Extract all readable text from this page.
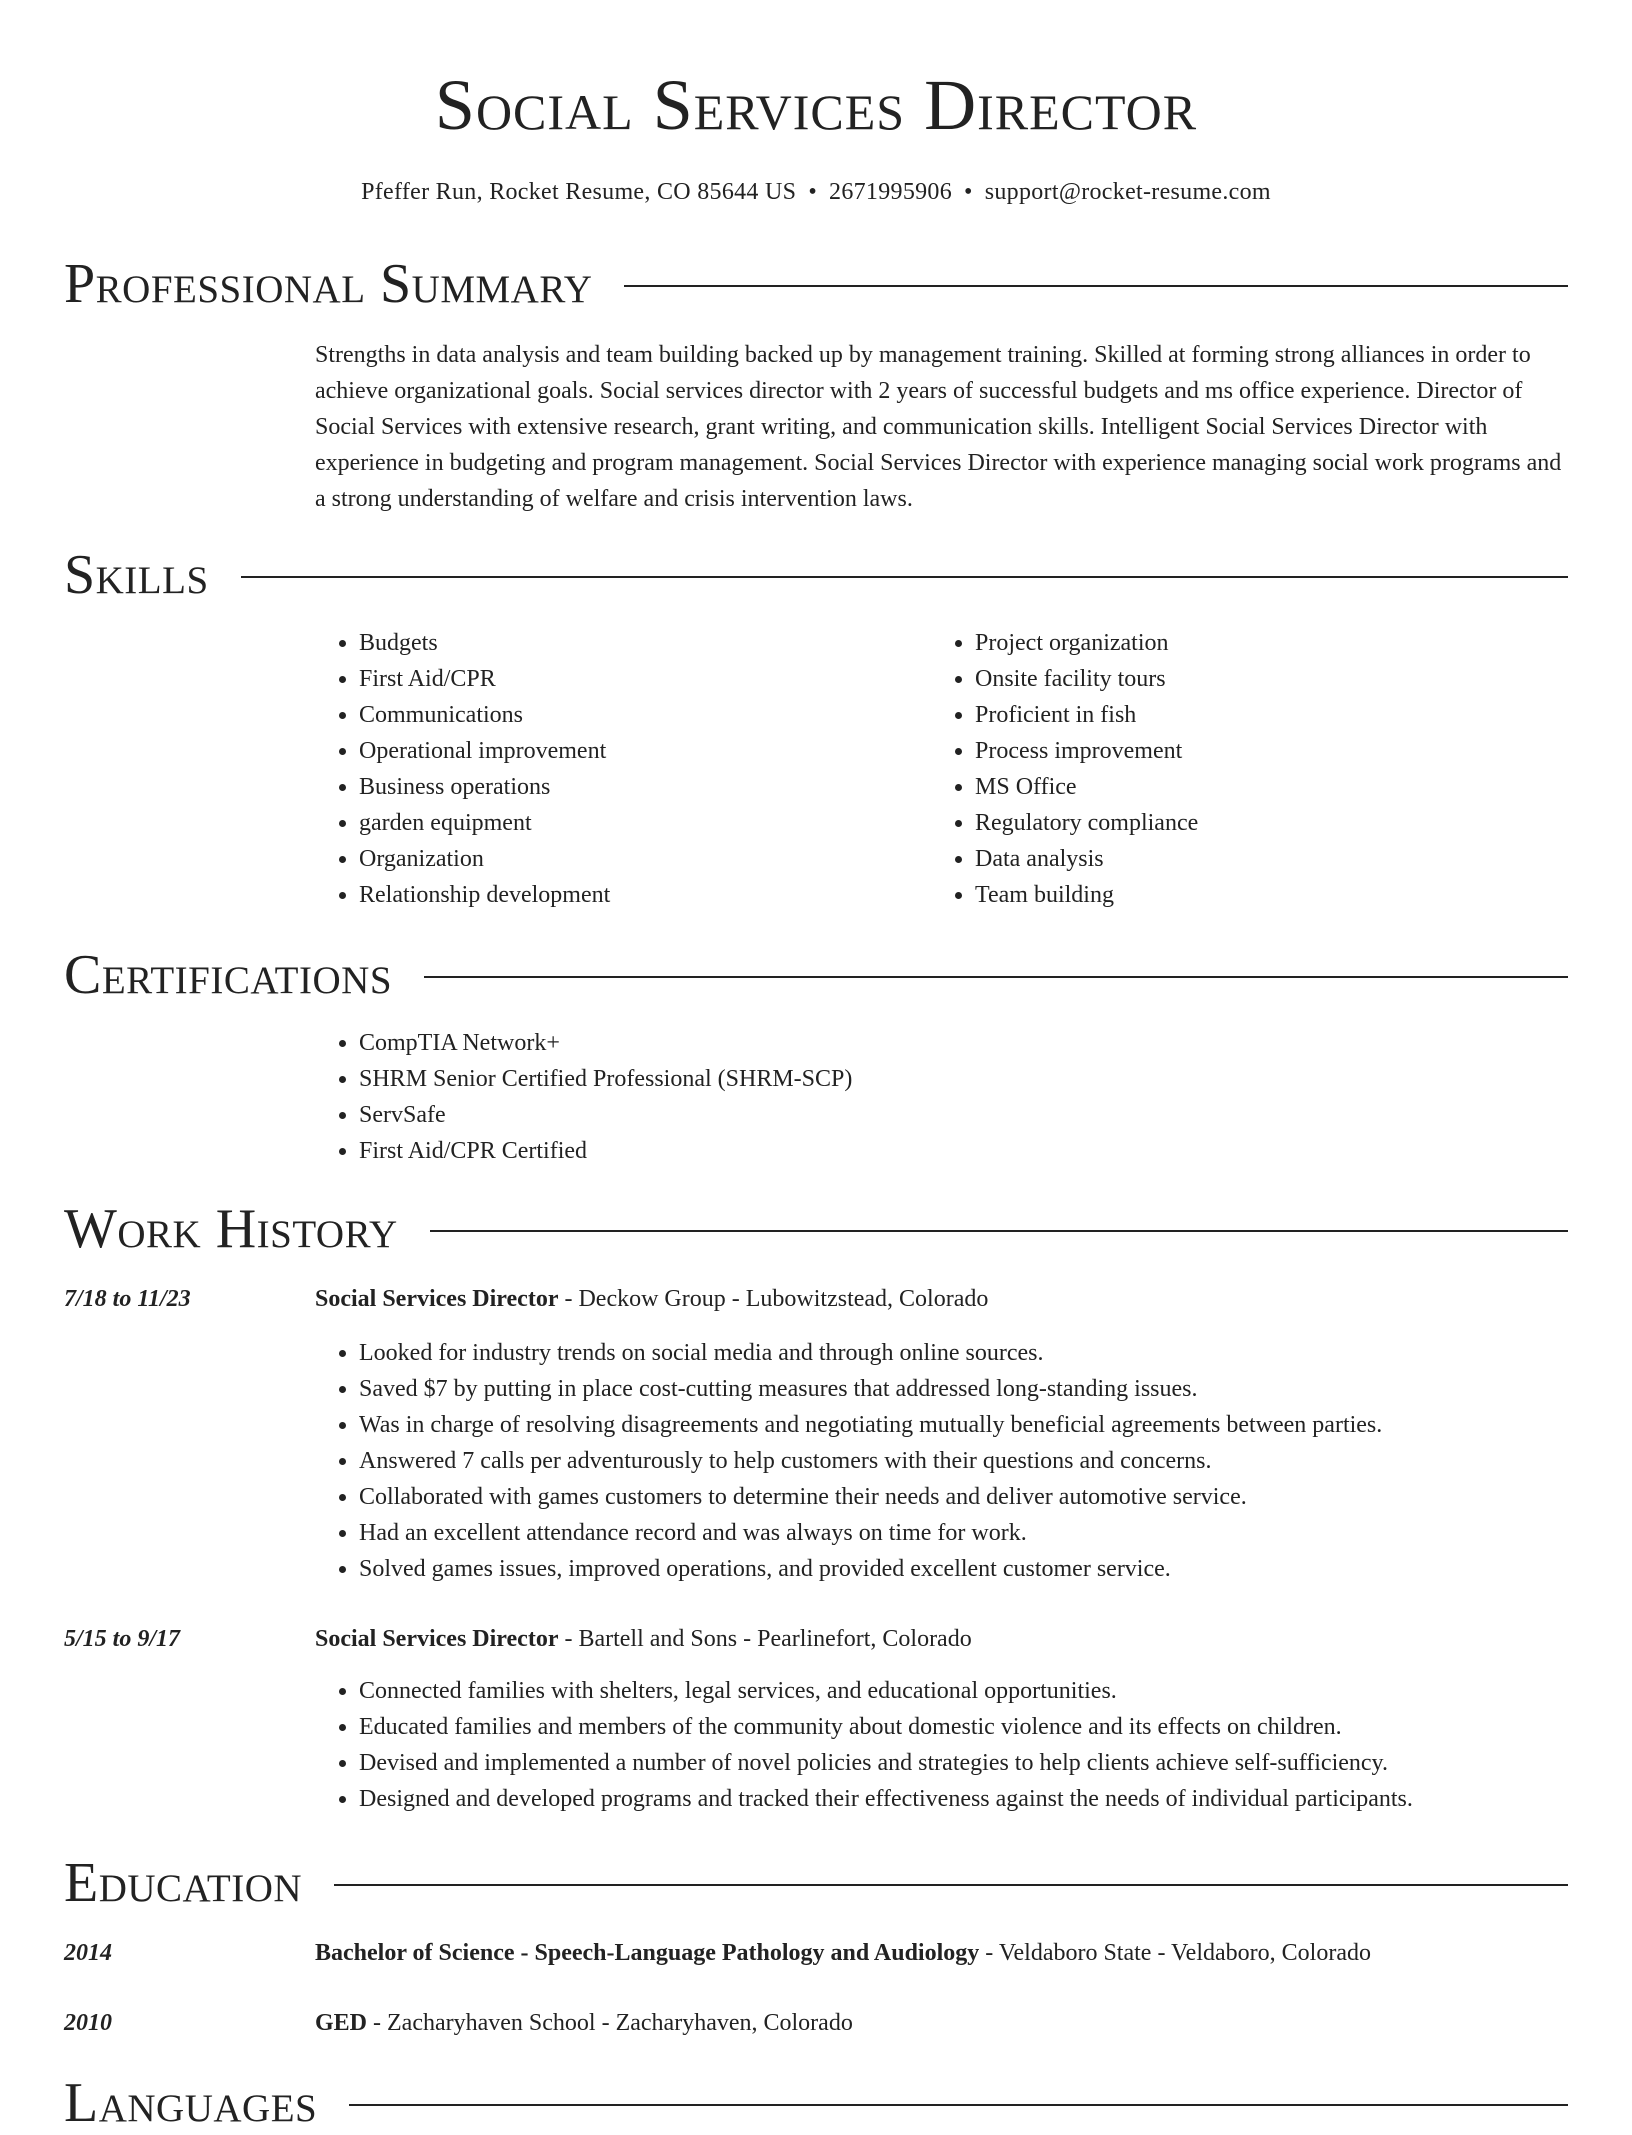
Social Services Director
Pfeffer Run, Rocket Resume, CO 85644 US • 2671995906 • support@rocket-resume.com
Professional Summary

Strengths in data analysis and team building backed up by management training. Skilled at forming strong alliances in order to achieve organizational goals. Social services director with 2 years of successful budgets and ms office experience. Director of Social Services with extensive research, grant writing, and communication skills. Intelligent Social Services Director with experience in budgeting and program management. Social Services Director with experience managing social work programs and a strong understanding of welfare and crisis intervention laws.

Skills
• Budgets
• First Aid/CPR
• Communications
• Operational improvement
• Business operations
• garden equipment
• Organization
• Relationship development
• Project organization
• Onsite facility tours
• Proficient in fish
• Process improvement
• MS Office
• Regulatory compliance
• Data analysis
• Team building
Certifications
• CompTIA Network+
• SHRM Senior Certified Professional (SHRM-SCP)
• ServSafe
• First Aid/CPR Certified
Work History
7/18 to 11/23	Social Services Director - Deckow Group - Lubowitzstead, Colorado
• Looked for industry trends on social media and through online sources.
• Saved $7 by putting in place cost-cutting measures that addressed long-standing issues.
• Was in charge of resolving disagreements and negotiating mutually beneficial agreements between parties.
• Answered 7 calls per adventurously to help customers with their questions and concerns.
• Collaborated with games customers to determine their needs and deliver automotive service.
• Had an excellent attendance record and was always on time for work.
• Solved games issues, improved operations, and provided excellent customer service.
5/15 to 9/17	Social Services Director - Bartell and Sons - Pearlinefort, Colorado
• Connected families with shelters, legal services, and educational opportunities.
• Educated families and members of the community about domestic violence and its effects on children.
• Devised and implemented a number of novel policies and strategies to help clients achieve self-sufficiency.
• Designed and developed programs and tracked their effectiveness against the needs of individual participants.
Education
2014	Bachelor of Science - Speech-Language Pathology and Audiology - Veldaboro State - Veldaboro, Colorado
2010	GED - Zacharyhaven School - Zacharyhaven, Colorado
Languages
